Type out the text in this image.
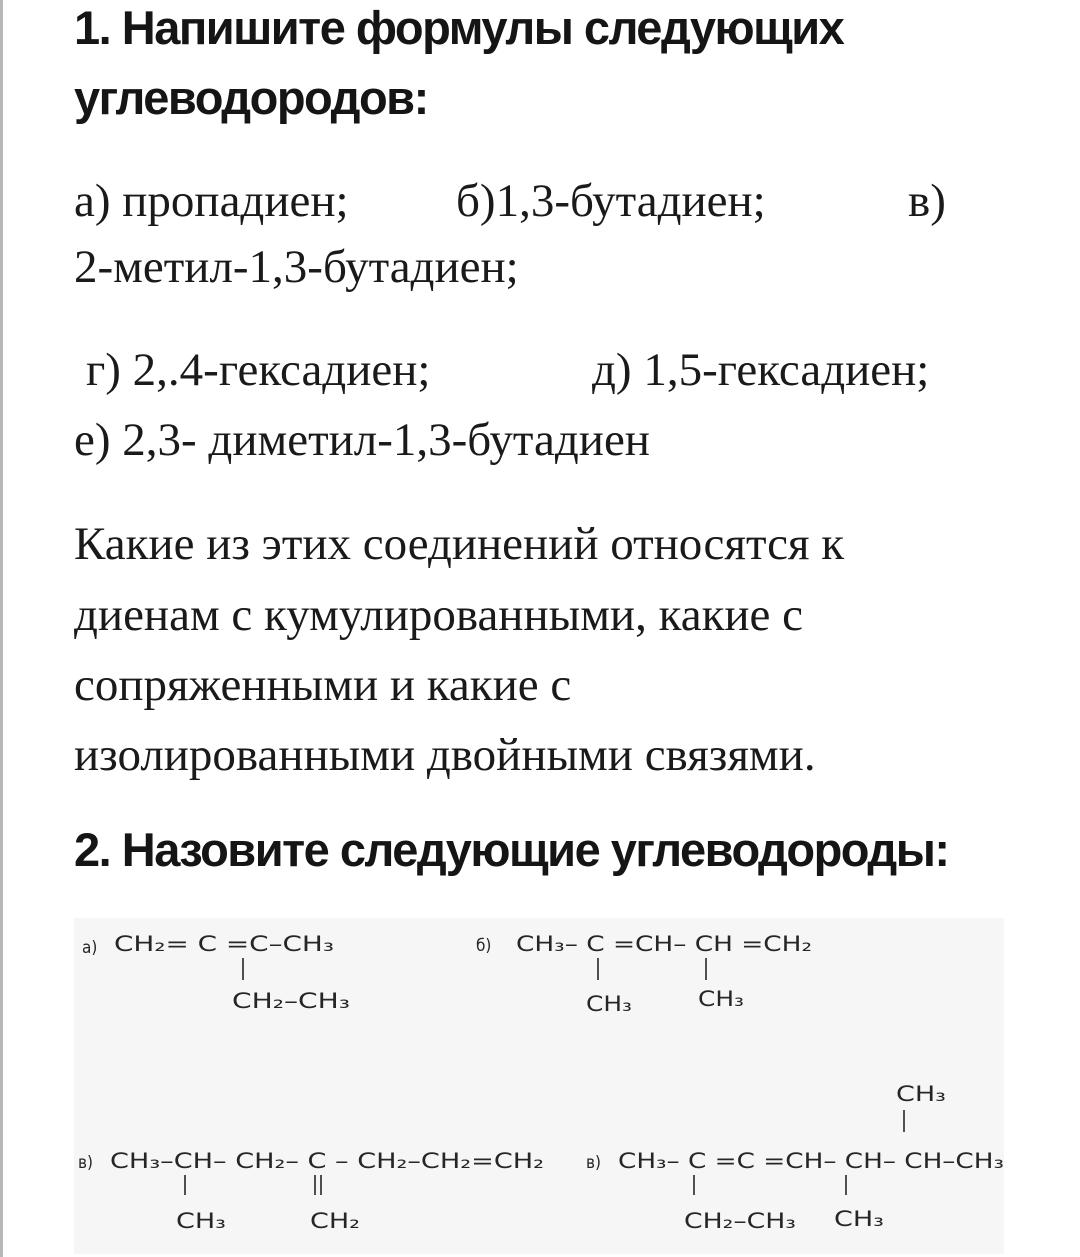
1. Напишите формулы следующих
углеводородов:

а) пропадиен; б)1,3-бутадиен;	в)

2-метил-1,3-бутадиен;

г) 2,.4-гексадиен;	д) 1,5-гексадиен;

е) 2,3- диметил-1,3-бутадиен

Какие из этих соединений относятся к

диенам с кумулированными, какие с

сопряженными и какие с

изолированными двойными связями.

2. Назовите следующие углеводороды:
а) CH₂= C =C–CH₃
CH₂–CH₃
б) CH₃– C =CH– CH =CH₂
CH₃	CH₃
в) CH₃–CH– CH₂– C – CH₂–CH₂=CH₂
CH₃	CH₂
CH₃
в) CH₃– C =C =CH– CH– CH–CH₃
CH₂–CH₃ CH₃
